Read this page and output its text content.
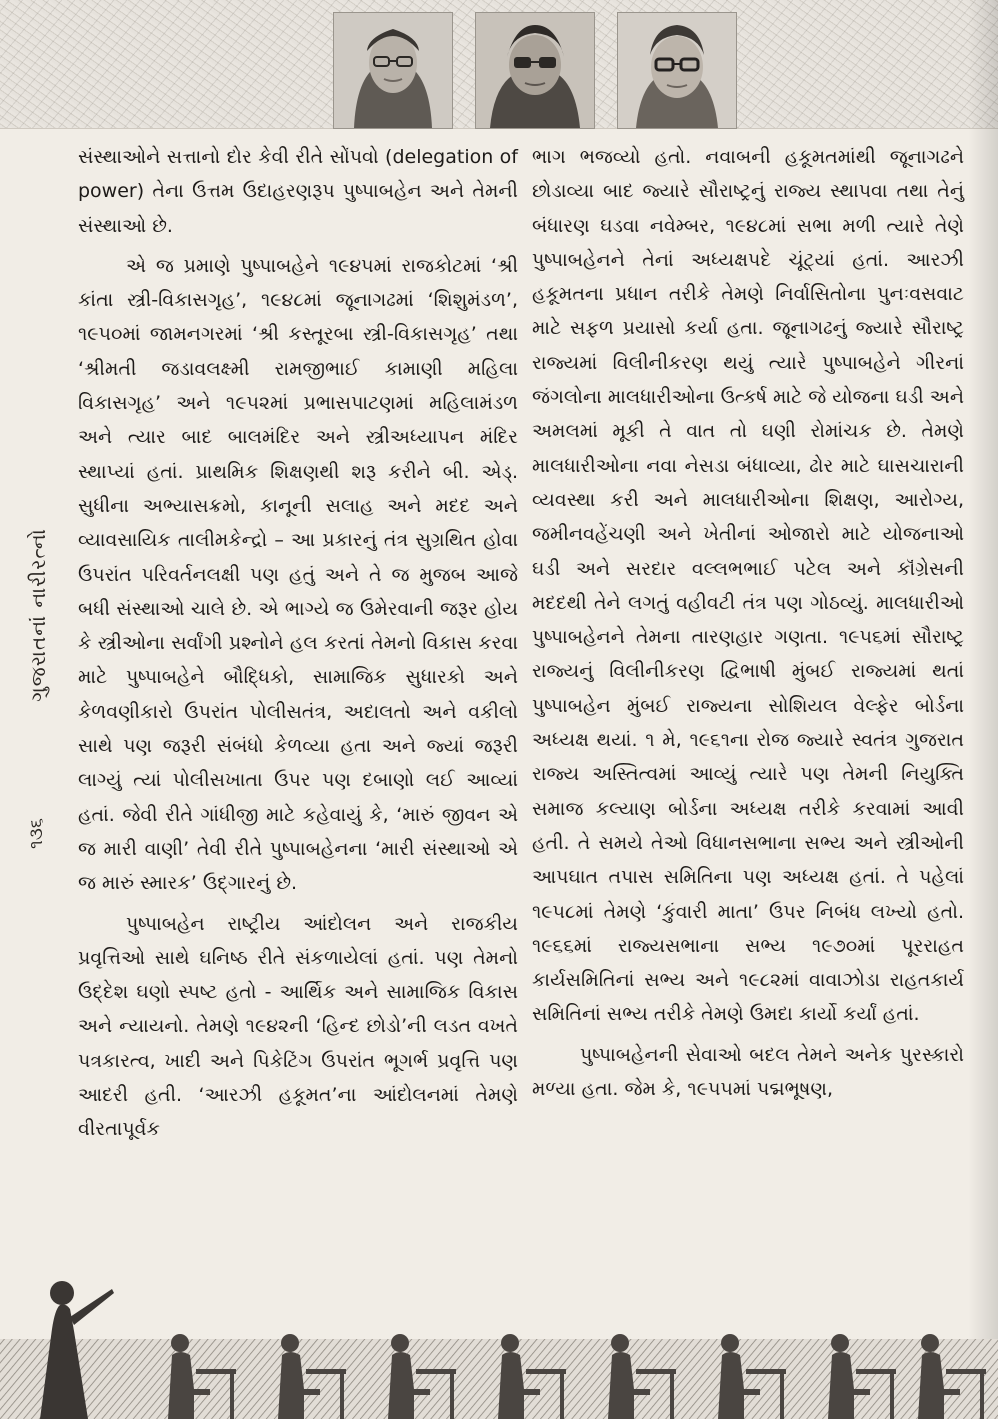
ગુજરાતનાં નારીરત્નો
૧૩૬

સંસ્થાઓને સત્તાનો દોર કેવી રીતે સોંપવો (delegation of power) તેના ઉત્તમ ઉદાહરણરૂપ પુષ્પાબહેન અને તેમની સંસ્થાઓ છે.

એ જ પ્રમાણે પુષ્પાબહેને ૧૯૪૫માં રાજકોટમાં ‘શ્રી કાંતા સ્ત્રી-વિકાસગૃહ’, ૧૯૪૮માં જૂનાગઢમાં ‘શિશુમંડળ’, ૧૯૫૦માં જામનગરમાં ‘શ્રી કસ્તૂરબા સ્ત્રી-વિકાસગૃહ’ તથા ‘શ્રીમતી જડાવલક્ષ્મી રામજીભાઈ કામાણી મહિલા વિકાસગૃહ’ અને ૧૯૫૨માં પ્રભાસપાટણમાં મહિલામંડળ અને ત્યાર બાદ બાલમંદિર અને સ્ત્રીઅધ્યાપન મંદિર સ્થાપ્યાં હતાં. પ્રાથમિક શિક્ષણથી શરૂ કરીને બી. એડ્. સુધીના અભ્યાસક્રમો, કાનૂની સલાહ અને મદદ અને વ્યાવસાયિક તાલીમકેન્દ્રો – આ પ્રકારનું તંત્ર સુગ્રથિત હોવા ઉપરાંત પરિવર્તનલક્ષી પણ હતું અને તે જ મુજબ આજે બધી સંસ્થાઓ ચાલે છે. એ ભાગ્યે જ ઉમેરવાની જરૂર હોય કે સ્ત્રીઓના સર્વાંગી પ્રશ્નોને હલ કરતાં તેમનો વિકાસ કરવા માટે પુષ્પાબહેને બૌદ્ધિકો, સામાજિક સુધારકો અને કેળવણીકારો ઉપરાંત પોલીસતંત્ર, અદાલતો અને વકીલો સાથે પણ જરૂરી સંબંધો કેળવ્યા હતા અને જ્યાં જરૂરી લાગ્યું ત્યાં પોલીસખાતા ઉપર પણ દબાણો લઈ આવ્યાં હતાં. જેવી રીતે ગાંધીજી માટે કહેવાયું કે, ‘મારું જીવન એ જ મારી વાણી’ તેવી રીતે પુષ્પાબહેનના ‘મારી સંસ્થાઓ એ જ મારું સ્મારક’ ઉદ્ગારનું છે.

પુષ્પાબહેન રાષ્ટ્રીય આંદોલન અને રાજકીય પ્રવૃત્તિઓ સાથે ઘનિષ્ઠ રીતે સંકળાયેલાં હતાં. પણ તેમનો ઉદ્દેશ ઘણો સ્પષ્ટ હતો - આર્થિક અને સામાજિક વિકાસ અને ન્યાયનો. તેમણે ૧૯૪૨ની ‘હિન્દ છોડો’ની લડત વખતે પત્રકારત્વ, ખાદી અને પિકેટિંગ ઉપરાંત ભૂગર્ભ પ્રવૃત્તિ પણ આદરી હતી. ‘આરઝી હકૂમત’ના આંદોલનમાં તેમણે વીરતાપૂર્વક

ભાગ ભજવ્યો હતો. નવાબની હકૂમતમાંથી જૂનાગઢને છોડાવ્યા બાદ જ્યારે સૌરાષ્ટ્રનું રાજ્ય સ્થાપવા તથા તેનું બંધારણ ઘડવા નવેમ્બર, ૧૯૪૮માં સભા મળી ત્યારે તેણે પુષ્પાબહેનને તેનાં અધ્યક્ષપદે ચૂંટ્યાં હતાં. આરઝી હકૂમતના પ્રધાન તરીકે તેમણે નિર્વાસિતોના પુનઃવસવાટ માટે સફળ પ્રયાસો કર્યા હતા. જૂનાગઢનું જ્યારે સૌરાષ્ટ્ર રાજ્યમાં વિલીનીકરણ થયું ત્યારે પુષ્પાબહેને ગીરનાં જંગલોના માલધારીઓના ઉત્કર્ષ માટે જે યોજના ઘડી અને અમલમાં મૂકી તે વાત તો ઘણી રોમાંચક છે. તેમણે માલધારીઓના નવા નેસડા બંધાવ્યા, ઢોર માટે ઘાસચારાની વ્યવસ્થા કરી અને માલધારીઓના શિક્ષણ, આરોગ્ય, જમીનવહેંચણી અને ખેતીનાં ઓજારો માટે યોજનાઓ ઘડી અને સરદાર વલ્લભભાઈ પટેલ અને કૉંગ્રેસની મદદથી તેને લગતું વહીવટી તંત્ર પણ ગોઠવ્યું. માલધારીઓ પુષ્પાબહેનને તેમના તારણહાર ગણતા. ૧૯૫૬માં સૌરાષ્ટ્ર રાજ્યનું વિલીનીકરણ દ્વિભાષી મુંબઈ રાજ્યમાં થતાં પુષ્પાબહેન મુંબઈ રાજ્યના સોશિયલ વેલ્ફેર બોર્ડના અધ્યક્ષ થયાં. ૧ મે, ૧૯૬૧ના રોજ જ્યારે સ્વતંત્ર ગુજરાત રાજ્ય અસ્તિત્વમાં આવ્યું ત્યારે પણ તેમની નિયુક્તિ સમાજ કલ્યાણ બોર્ડના અધ્યક્ષ તરીકે કરવામાં આવી હતી. તે સમયે તેઓ વિધાનસભાના સભ્ય અને સ્ત્રીઓની આપઘાત તપાસ સમિતિના પણ અધ્યક્ષ હતાં. તે પહેલાં ૧૯૫૮માં તેમણે ‘કુંવારી માતા’ ઉપર નિબંધ લખ્યો હતો. ૧૯૬૬માં રાજ્યસભાના સભ્ય ૧૯૭૦માં પૂરરાહત કાર્યસમિતિનાં સભ્ય અને ૧૯૮૨માં વાવાઝોડા રાહતકાર્ય સમિતિનાં સભ્ય તરીકે તેમણે ઉમદા કાર્યો કર્યાં હતાં.

પુષ્પાબહેનની સેવાઓ બદલ તેમને અનેક પુરસ્કારો મળ્યા હતા. જેમ કે, ૧૯૫૫માં પદ્મભૂષણ,
